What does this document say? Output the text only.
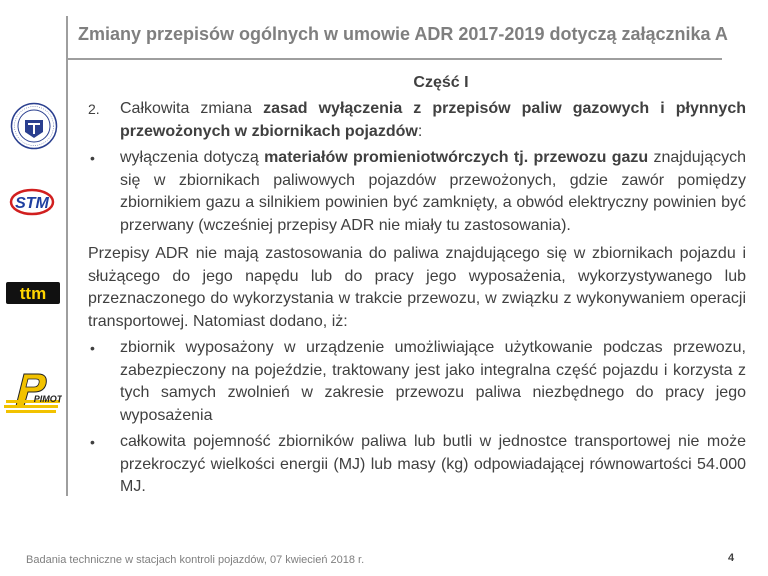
Zmiany przepisów ogólnych w umowie ADR 2017-2019 dotyczą załącznika A
STM
ttm
PIMOT
Część I
2.	Całkowita zmiana zasad wyłączenia z przepisów paliw gazowych i płynnych przewożonych w zbiornikach pojazdów:
•	wyłączenia dotyczą materiałów promieniotwórczych tj. przewozu gazu znajdujących się w zbiornikach paliwowych pojazdów przewożonych, gdzie zawór pomiędzy zbiornikiem gazu a silnikiem powinien być zamknięty, a obwód elektryczny powinien być przerwany (wcześniej przepisy ADR nie miały tu zastosowania).
Przepisy ADR nie mają zastosowania do paliwa znajdującego się w zbiornikach pojazdu i służącego do jego napędu lub do pracy jego wyposażenia, wykorzystywanego lub przeznaczonego do wykorzystania w trakcie przewozu, w związku z wykonywaniem operacji transportowej. Natomiast dodano, iż:
•	zbiornik wyposażony w urządzenie umożliwiające użytkowanie podczas przewozu, zabezpieczony na pojeździe, traktowany jest jako integralna część pojazdu i korzysta z tych samych zwolnień w zakresie przewozu paliwa niezbędnego do pracy jego wyposażenia
•	całkowita pojemność zbiorników paliwa lub butli w jednostce transportowej nie może przekroczyć wielkości energii (MJ) lub masy (kg) odpowiadającej równowartości 54.000 MJ.
Badania techniczne w stacjach kontroli pojazdów, 07 kwiecień 2018 r.	4
